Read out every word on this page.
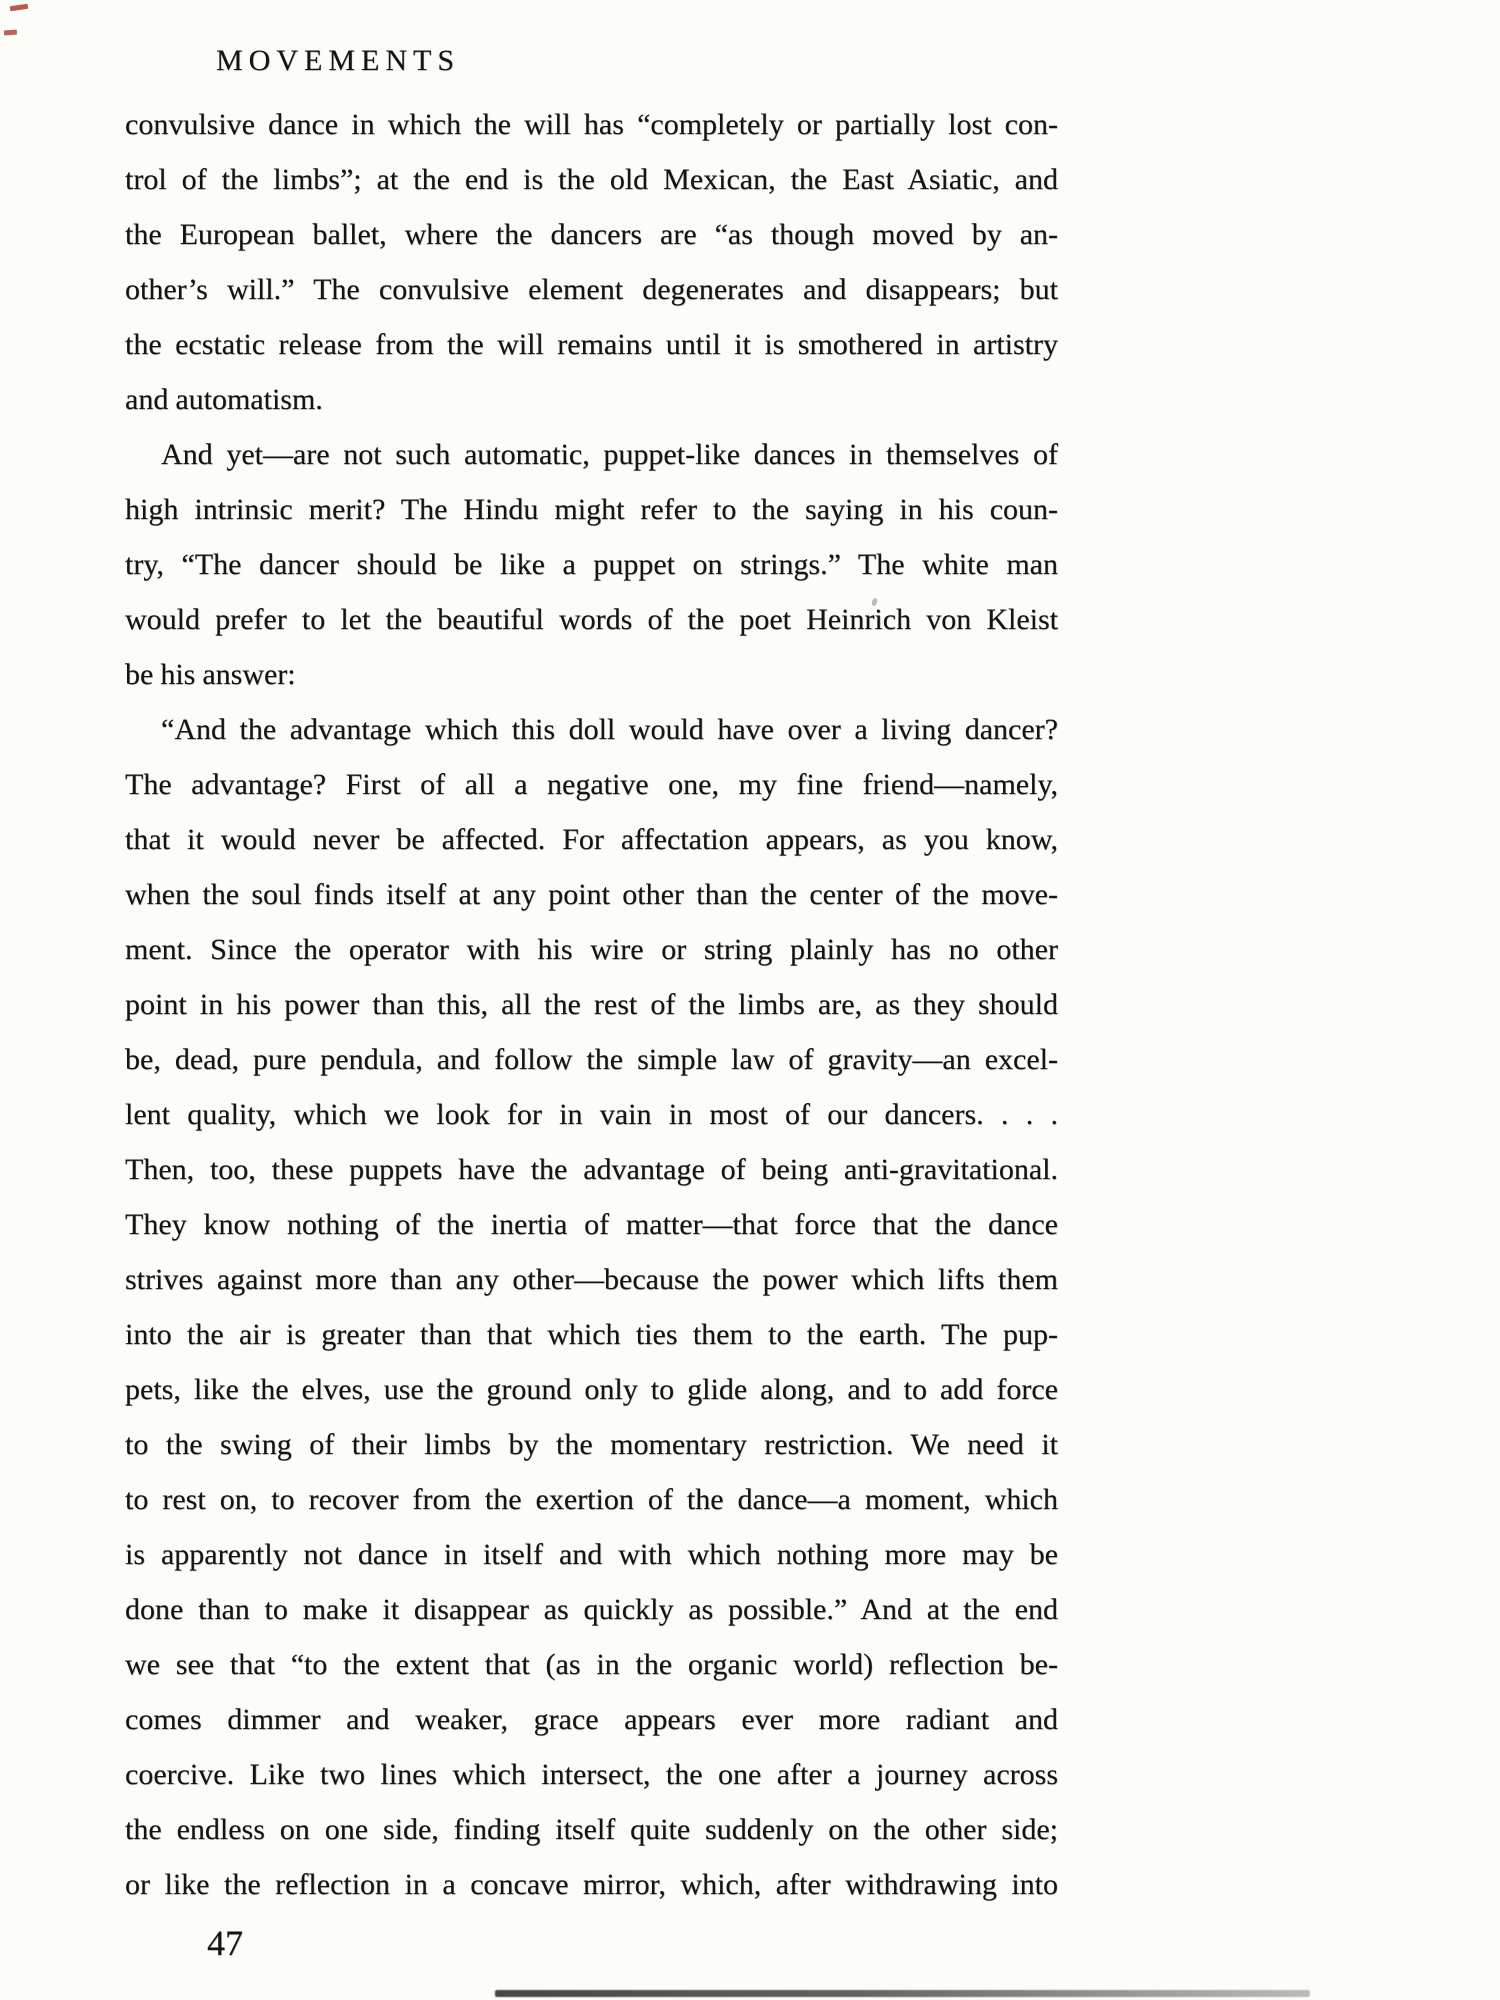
MOVEMENTS
convulsive dance in which the will has “completely or partially lost con-
trol of the limbs”; at the end is the old Mexican, the East Asiatic, and
the European ballet, where the dancers are “as though moved by an-
other’s will.” The convulsive element degenerates and disappears; but
the ecstatic release from the will remains until it is smothered in artistry
and automatism.
And yet—are not such automatic, puppet-like dances in themselves of
high intrinsic merit? The Hindu might refer to the saying in his coun-
try, “The dancer should be like a puppet on strings.” The white man
would prefer to let the beautiful words of the poet Heinrich von Kleist
be his answer:
“And the advantage which this doll would have over a living dancer?
The advantage? First of all a negative one, my fine friend—namely,
that it would never be affected. For affectation appears, as you know,
when the soul finds itself at any point other than the center of the move-
ment. Since the operator with his wire or string plainly has no other
point in his power than this, all the rest of the limbs are, as they should
be, dead, pure pendula, and follow the simple law of gravity—an excel-
lent quality, which we look for in vain in most of our dancers. . . .
Then, too, these puppets have the advantage of being anti-gravitational.
They know nothing of the inertia of matter—that force that the dance
strives against more than any other—because the power which lifts them
into the air is greater than that which ties them to the earth. The pup-
pets, like the elves, use the ground only to glide along, and to add force
to the swing of their limbs by the momentary restriction. We need it
to rest on, to recover from the exertion of the dance—a moment, which
is apparently not dance in itself and with which nothing more may be
done than to make it disappear as quickly as possible.” And at the end
we see that “to the extent that (as in the organic world) reflection be-
comes dimmer and weaker, grace appears ever more radiant and
coercive. Like two lines which intersect, the one after a journey across
the endless on one side, finding itself quite suddenly on the other side;
or like the reflection in a concave mirror, which, after withdrawing into
47
